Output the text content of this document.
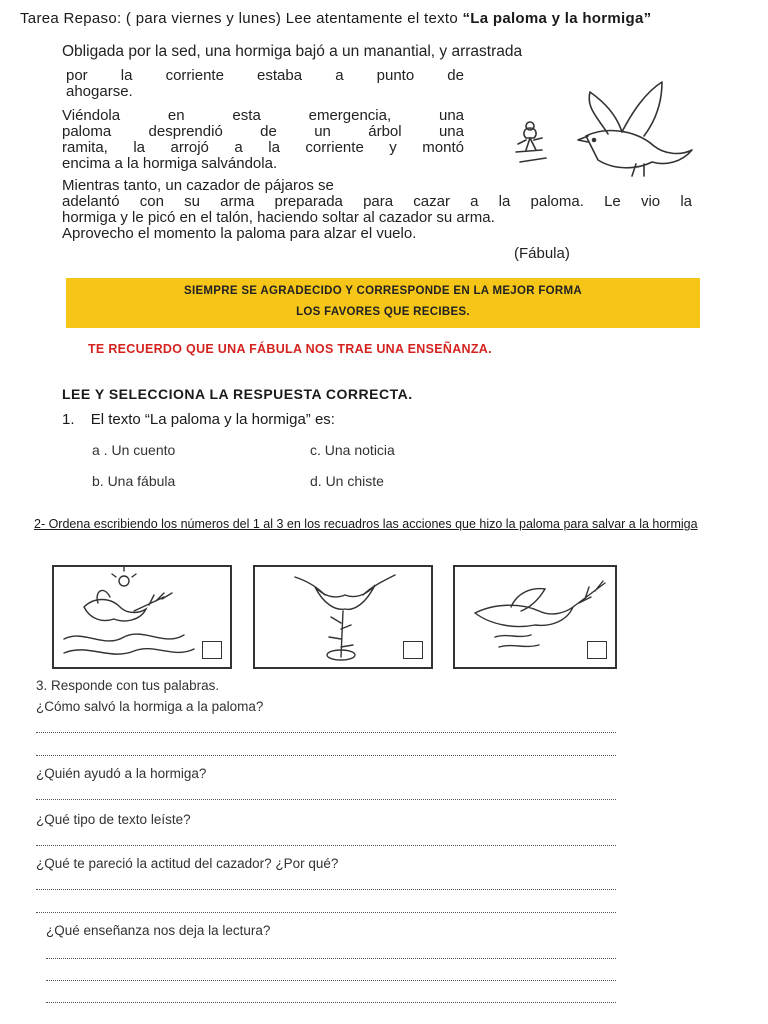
Tarea Repaso: ( para viernes y lunes) Lee atentamente el texto “La paloma y la hormiga”
Obligada por la sed, una hormiga bajó a un manantial, y arrastrada
por la corriente estaba a punto de
ahogarse.
Viéndola en esta emergencia, una
paloma desprendió de un árbol una
ramita, la arrojó a la corriente y montó
encima a la hormiga salvándola.
Mientras tanto, un cazador de pájaros se
adelantó con su arma preparada para cazar a la paloma. Le vio la
hormiga y le picó en el talón, haciendo soltar al cazador su arma.
Aprovecho el momento la paloma para alzar el vuelo.
(Fábula)
SIEMPRE SE AGRADECIDO Y CORRESPONDE EN LA MEJOR FORMA
LOS FAVORES QUE RECIBES.
TE RECUERDO QUE UNA FÁBULA NOS TRAE UNA ENSEÑANZA.
LEE Y SELECCIONA LA RESPUESTA CORRECTA.
1. El texto “La paloma y la hormiga” es:
a . Un cuento	c. Una noticia
b. Una fábula	d. Un chiste
2- Ordena escribiendo los números del 1 al 3 en los recuadros las acciones que hizo la paloma para salvar a la hormiga
3. Responde con tus palabras.
¿Cómo salvó la hormiga a la paloma?
¿Quién ayudó a la hormiga?
¿Qué tipo de texto leíste?
¿Qué te pareció la actitud del cazador? ¿Por qué?
¿Qué enseñanza nos deja la lectura?
